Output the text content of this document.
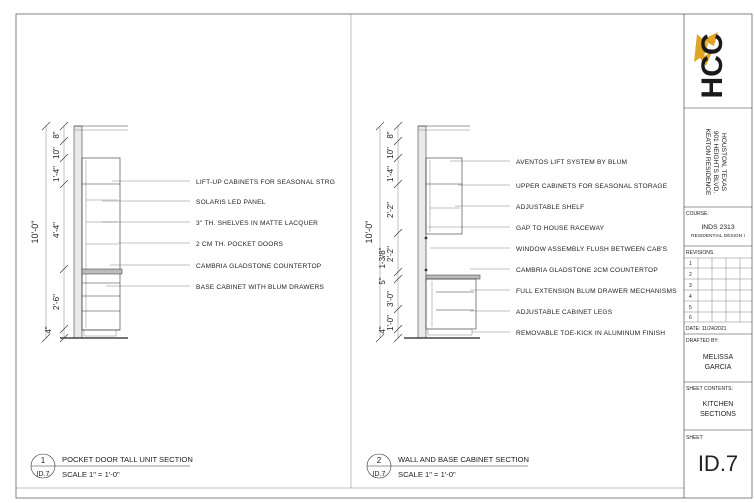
10'-0"
8"
10"
1'-4"
4'-4"
2'-6"
4"
LIFT-UP CABINETS FOR SEASONAL STRG
SOLARIS LED PANEL
3" TH. SHELVES IN MATTE LACQUER
2 CM TH. POCKET DOORS
CAMBRIA GLADSTONE COUNTERTOP
BASE CABINET WITH BLUM DRAWERS
1
ID.7
POCKET DOOR TALL UNIT SECTION
SCALE 1" = 1'-0"
10'-0"
8"
10"
1'-4"
2'-2"
2'-2"
1-3/8"
5"
3'-0"
1'-0"
4"
AVENTOS LIFT SYSTEM BY BLUM
UPPER CABINETS FOR SEASONAL STORAGE
ADJUSTABLE SHELF
GAP TO HOUSE RACEWAY
WINDOW ASSEMBLY FLUSH BETWEEN CAB'S
CAMBRIA GLADSTONE 2CM COUNTERTOP
FULL EXTENSION BLUM DRAWER MECHANISMS
ADJUSTABLE CABINET LEGS
REMOVABLE TOE-KICK IN ALUMINUM FINISH
2
ID.7
WALL AND BASE CABINET SECTION
SCALE 1" = 1'-0"
HCC
KEATON RESIDENCE 901 HEIGHTS BLVD. HOUSTON, TEXAS
COURSE:
INDS 2313
RESIDENTIAL DESIGN I
REVISIONS
1
2
3
4
5
6
DATE: 11/24/2021
DRAFTED BY:
MELISSA
GARCIA
SHEET CONTENTS:
KITCHEN
SECTIONS
SHEET
ID.7
